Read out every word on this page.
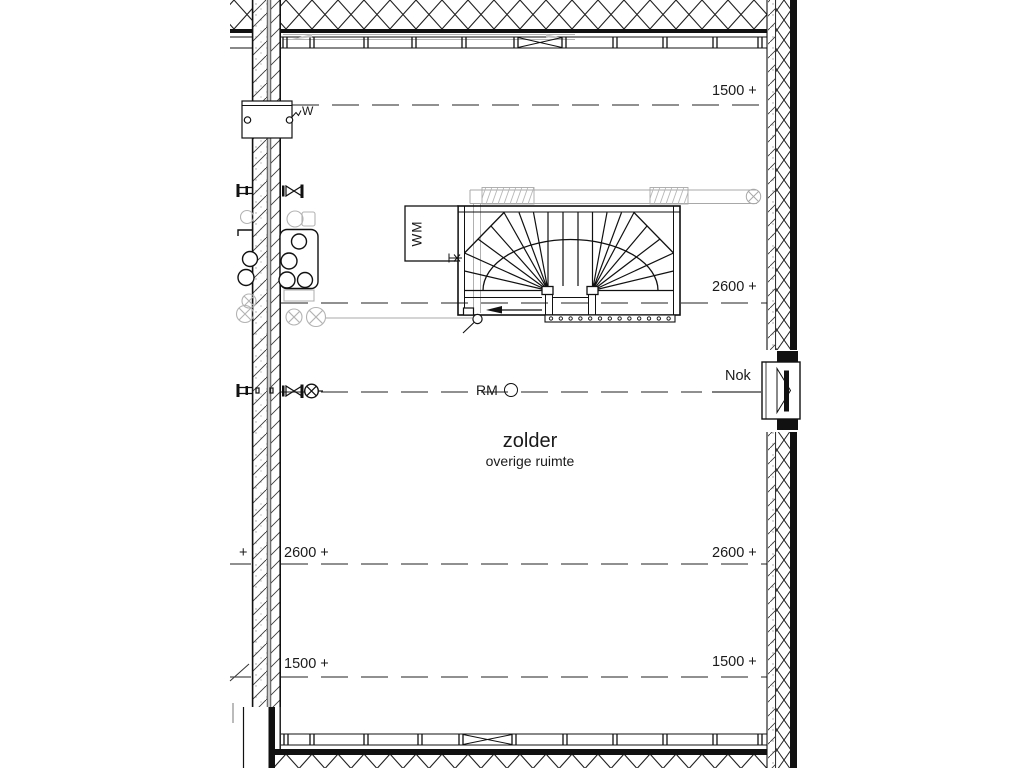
1500 +
2600 +
Nok
+	2600 +	2600 +
1500 +	1500 +
RM
zolder
overige ruimte
WM
W
